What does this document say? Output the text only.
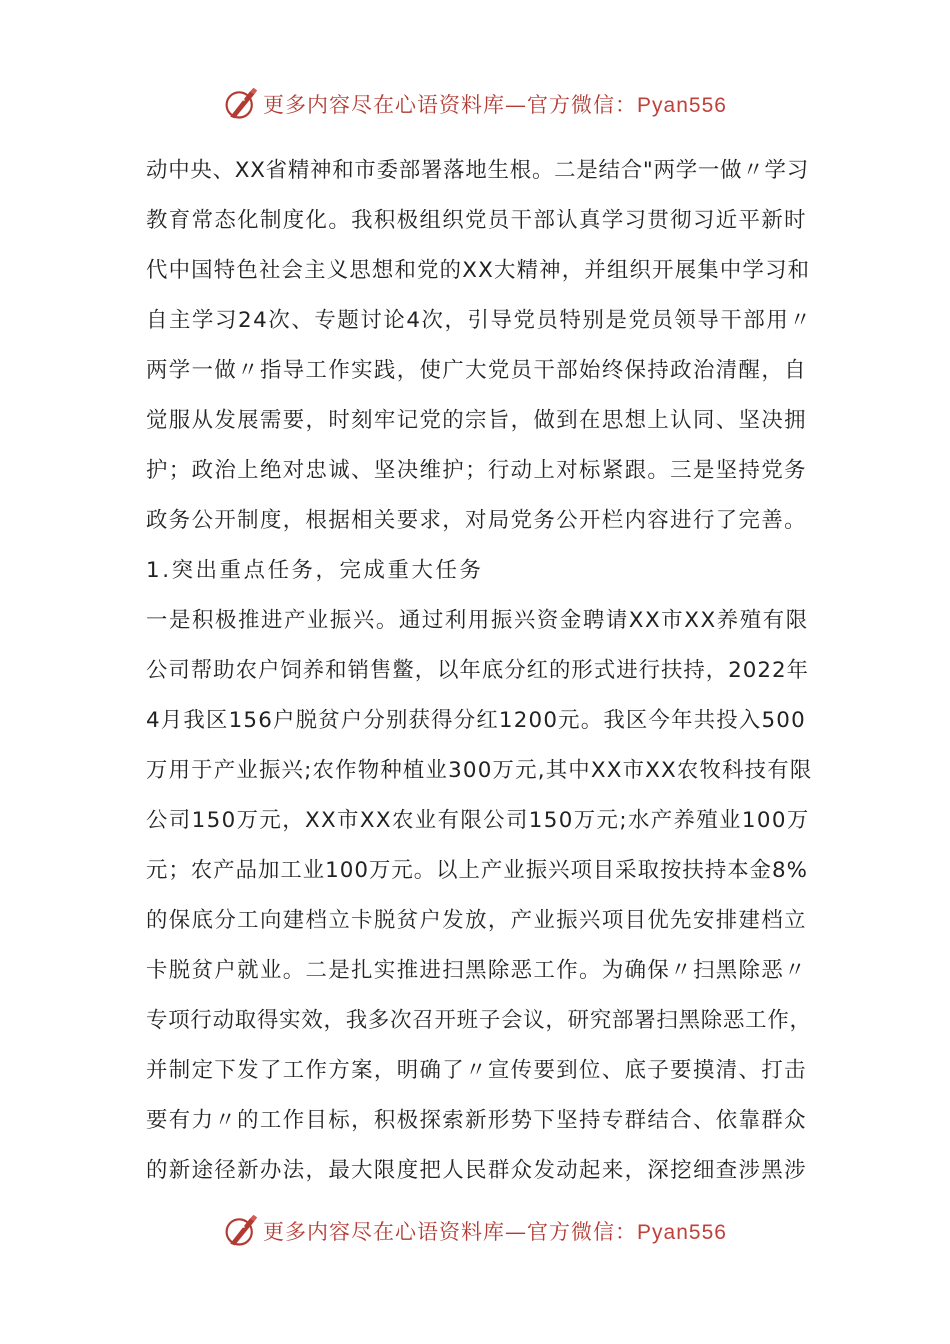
更多内容尽在心语资料库—官方微信：Pyan556
动中央、XX省精神和市委部署落地生根。二是结合"两学一做〃学习
教育常态化制度化。我积极组织党员干部认真学习贯彻习近平新时
代中国特色社会主义思想和党的XX大精神，并组织开展集中学习和
自主学习24次、专题讨论4次，引导党员特别是党员领导干部用〃
两学一做〃指导工作实践，使广大党员干部始终保持政治清醒，自
觉服从发展需要，时刻牢记党的宗旨，做到在思想上认同、坚决拥
护；政治上绝对忠诚、坚决维护；行动上对标紧跟。三是坚持党务
政务公开制度，根据相关要求，对局党务公开栏内容进行了完善。
1.突出重点任务，完成重大任务
一是积极推进产业振兴。通过利用振兴资金聘请XX市XX养殖有限
公司帮助农户饲养和销售鳖，以年底分红的形式进行扶持，2022年
4月我区156户脱贫户分别获得分红1200元。我区今年共投入500
万用于产业振兴;农作物种植业300万元,其中XX市XX农牧科技有限
公司150万元，XX市XX农业有限公司150万元;水产养殖业100万
元；农产品加工业100万元。以上产业振兴项目采取按扶持本金8%
的保底分工向建档立卡脱贫户发放，产业振兴项目优先安排建档立
卡脱贫户就业。二是扎实推进扫黑除恶工作。为确保〃扫黑除恶〃
专项行动取得实效，我多次召开班子会议，研究部署扫黑除恶工作，
并制定下发了工作方案，明确了〃宣传要到位、底子要摸清、打击
要有力〃的工作目标，积极探索新形势下坚持专群结合、依靠群众
的新途径新办法，最大限度把人民群众发动起来，深挖细查涉黑涉
更多内容尽在心语资料库—官方微信：Pyan556
